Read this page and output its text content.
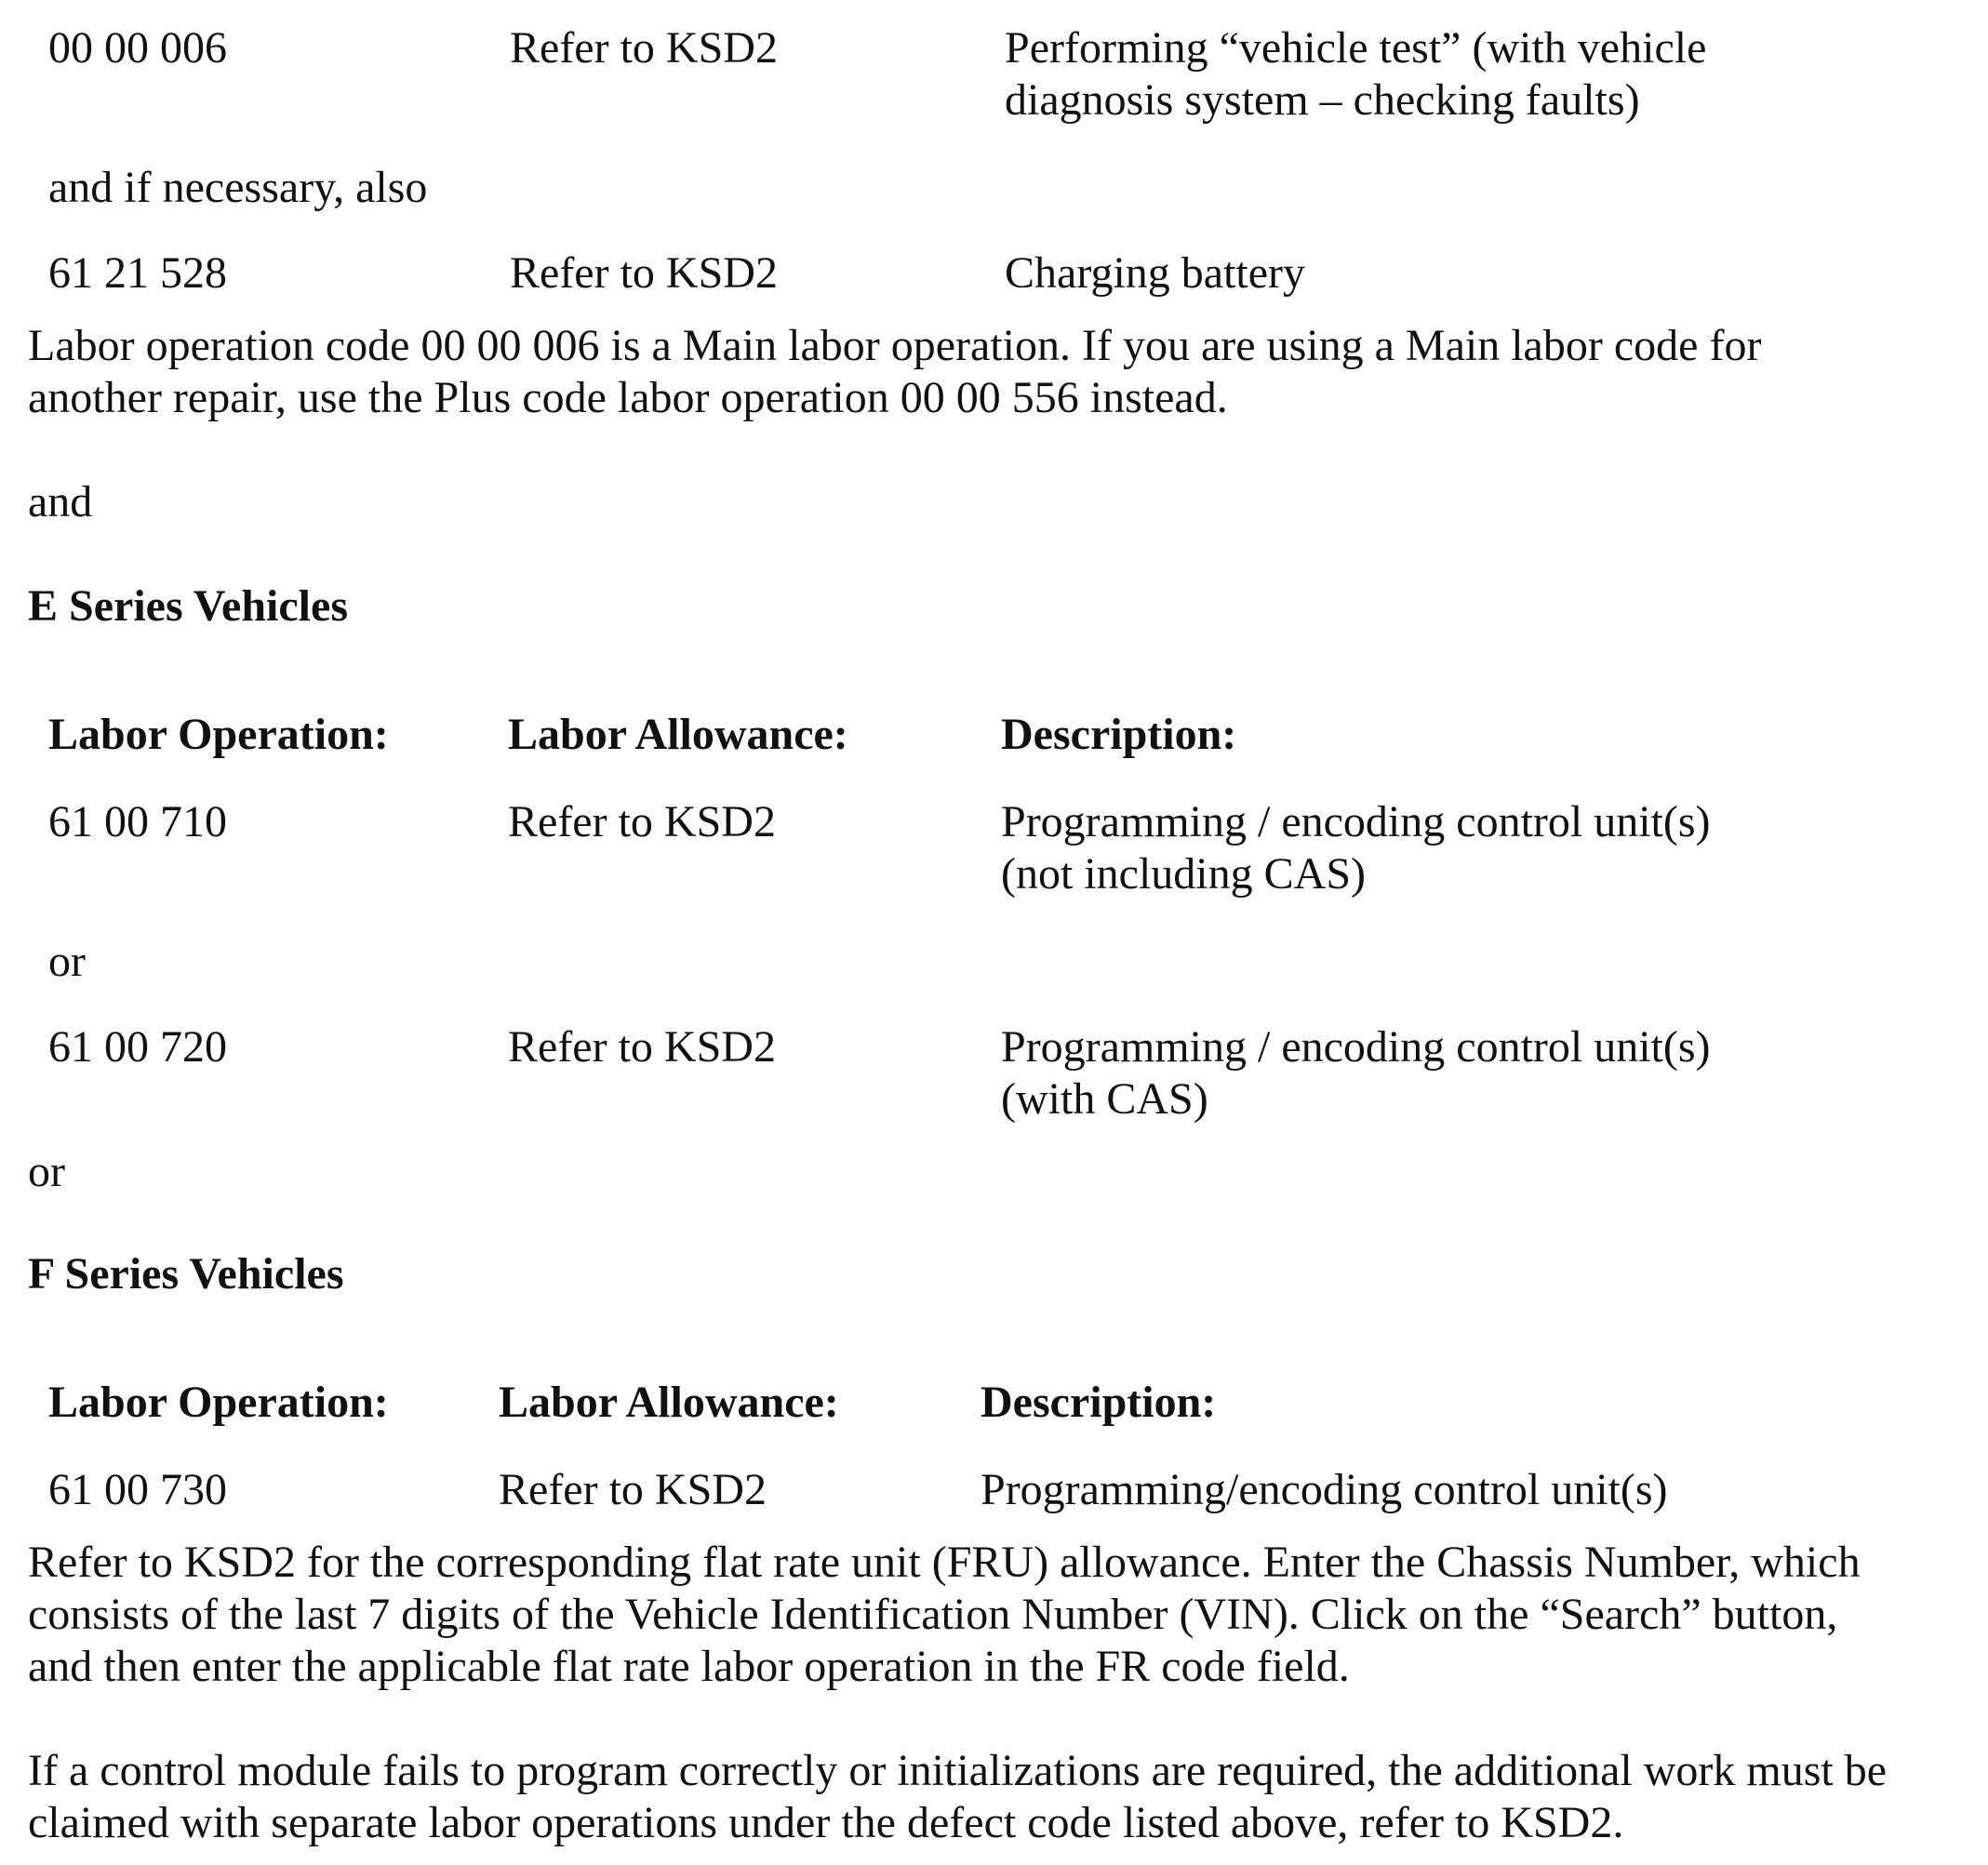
00 00 006	Refer to KSD2	Performing “vehicle test” (with vehicle
diagnosis system – checking faults)
and if necessary, also
61 21 528	Refer to KSD2	Charging battery
Labor operation code 00 00 006 is a Main labor operation. If you are using a Main labor code for
another repair, use the Plus code labor operation 00 00 556 instead.
and
E Series Vehicles
Labor Operation:	Labor Allowance:	Description:
61 00 710	Refer to KSD2	Programming / encoding control unit(s)
(not including CAS)
or
61 00 720	Refer to KSD2	Programming / encoding control unit(s)
(with CAS)
or
F Series Vehicles
Labor Operation: Labor Allowance:	Description:
61 00 730	Refer to KSD2	Programming/encoding control unit(s)
Refer to KSD2 for the corresponding flat rate unit (FRU) allowance. Enter the Chassis Number, which
consists of the last 7 digits of the Vehicle Identification Number (VIN). Click on the “Search” button,
and then enter the applicable flat rate labor operation in the FR code field.
If a control module fails to program correctly or initializations are required, the additional work must be
claimed with separate labor operations under the defect code listed above, refer to KSD2.
